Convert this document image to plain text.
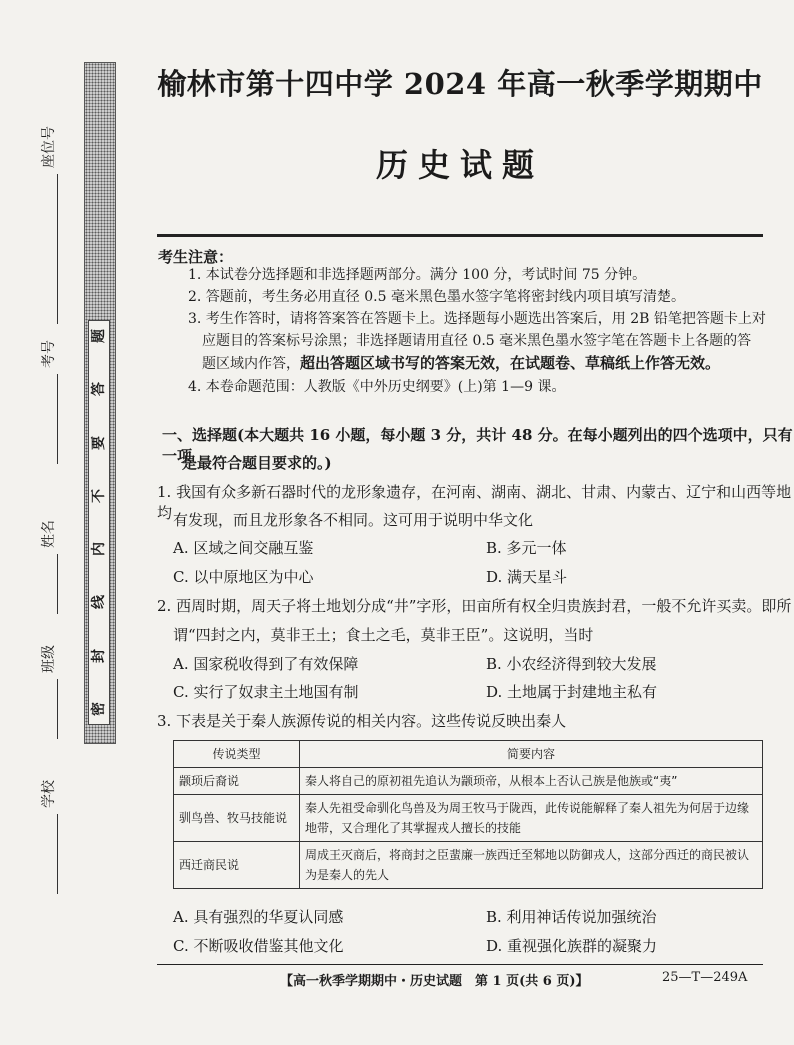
题
答
要
不
内
线
封
密
座位号
考号
姓名
班级
学校
榆林市第十四中学 2024 年高一秋季学期期中
历史试题
考生注意：
1. 本试卷分选择题和非选择题两部分。满分 100 分，考试时间 75 分钟。
2. 答题前，考生务必用直径 0.5 毫米黑色墨水签字笔将密封线内项目填写清楚。
3. 考生作答时，请将答案答在答题卡上。选择题每小题选出答案后，用 2B 铅笔把答题卡上对
应题目的答案标号涂黑；非选择题请用直径 0.5 毫米黑色墨水签字笔在答题卡上各题的答
题区域内作答，超出答题区域书写的答案无效，在试题卷、草稿纸上作答无效。
4. 本卷命题范围：人教版《中外历史纲要》(上)第 1—9 课。
一、选择题(本大题共 16 小题，每小题 3 分，共计 48 分。在每小题列出的四个选项中，只有一项
是最符合题目要求的。)
1. 我国有众多新石器时代的龙形象遗存，在河南、湖南、湖北、甘肃、内蒙古、辽宁和山西等地均 有发现，而且龙形象各不相同。这可用于说明中华文化
A. 区域之间交融互鉴	B. 多元一体
C. 以中原地区为中心	D. 满天星斗
2. 西周时期，周天子将土地划分成“井”字形，田亩所有权全归贵族封君，一般不允许买卖。即所
谓“四封之内，莫非王土；食土之毛，莫非王臣”。这说明，当时
A. 国家税收得到了有效保障	B. 小农经济得到较大发展
C. 实行了奴隶主土地国有制	D. 土地属于封建地主私有
3. 下表是关于秦人族源传说的相关内容。这些传说反映出秦人
传说类型	简要内容
颛顼后裔说	秦人将自己的原初祖先追认为颛顼帝，从根本上否认己族是他族或“夷”
驯鸟兽、牧马技能说	秦人先祖受命驯化鸟兽及为周王牧马于陇西，此传说能解释了秦人祖先为何居于边缘地带，又合理化了其掌握戎人擅长的技能
西迁商民说	周成王灭商后，将商封之臣蜚廉一族西迁至邾地以防御戎人，这部分西迁的商民被认为是秦人的先人
A. 具有强烈的华夏认同感	B. 利用神话传说加强统治
C. 不断吸收借鉴其他文化	D. 重视强化族群的凝聚力
【高一秋季学期期中・历史试题　第 1 页(共 6 页)】	25—T—249A
